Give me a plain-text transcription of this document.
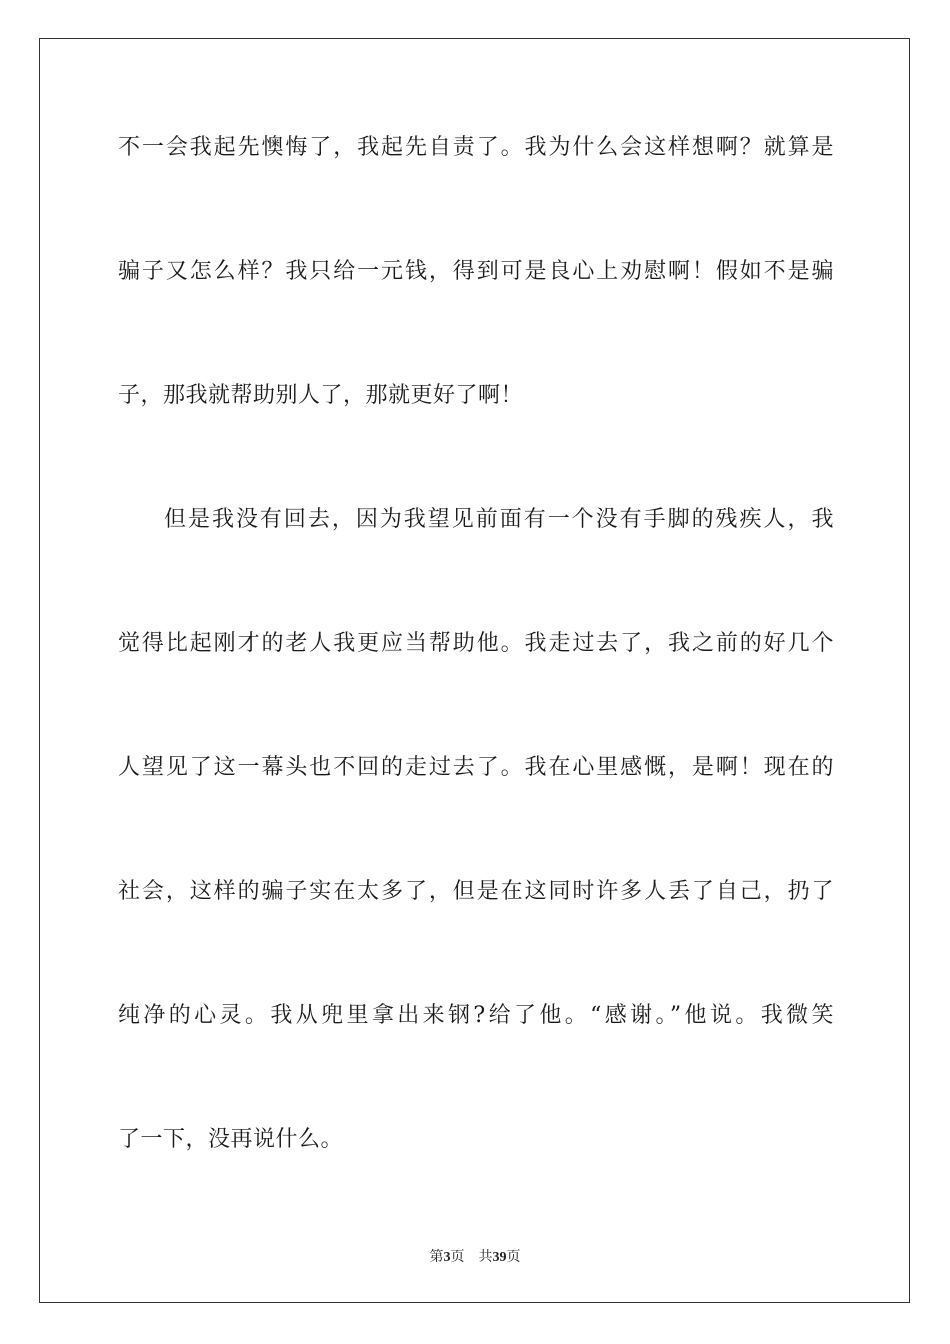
不一会我起先懊悔了，我起先自责了。我为什么会这样想啊？就算是
骗子又怎么样？我只给一元钱，得到可是良心上劝慰啊！假如不是骗
子，那我就帮助别人了，那就更好了啊！
但是我没有回去，因为我望见前面有一个没有手脚的残疾人，我
觉得比起刚才的老人我更应当帮助他。我走过去了，我之前的好几个
人望见了这一幕头也不回的走过去了。我在心里感慨，是啊！现在的
社会，这样的骗子实在太多了，但是在这同时许多人丢了自己，扔了
纯净的心灵。我从兜里拿出来钢?给了他。“感谢。”他说。我微笑
了一下，没再说什么。
第3页 共39页
